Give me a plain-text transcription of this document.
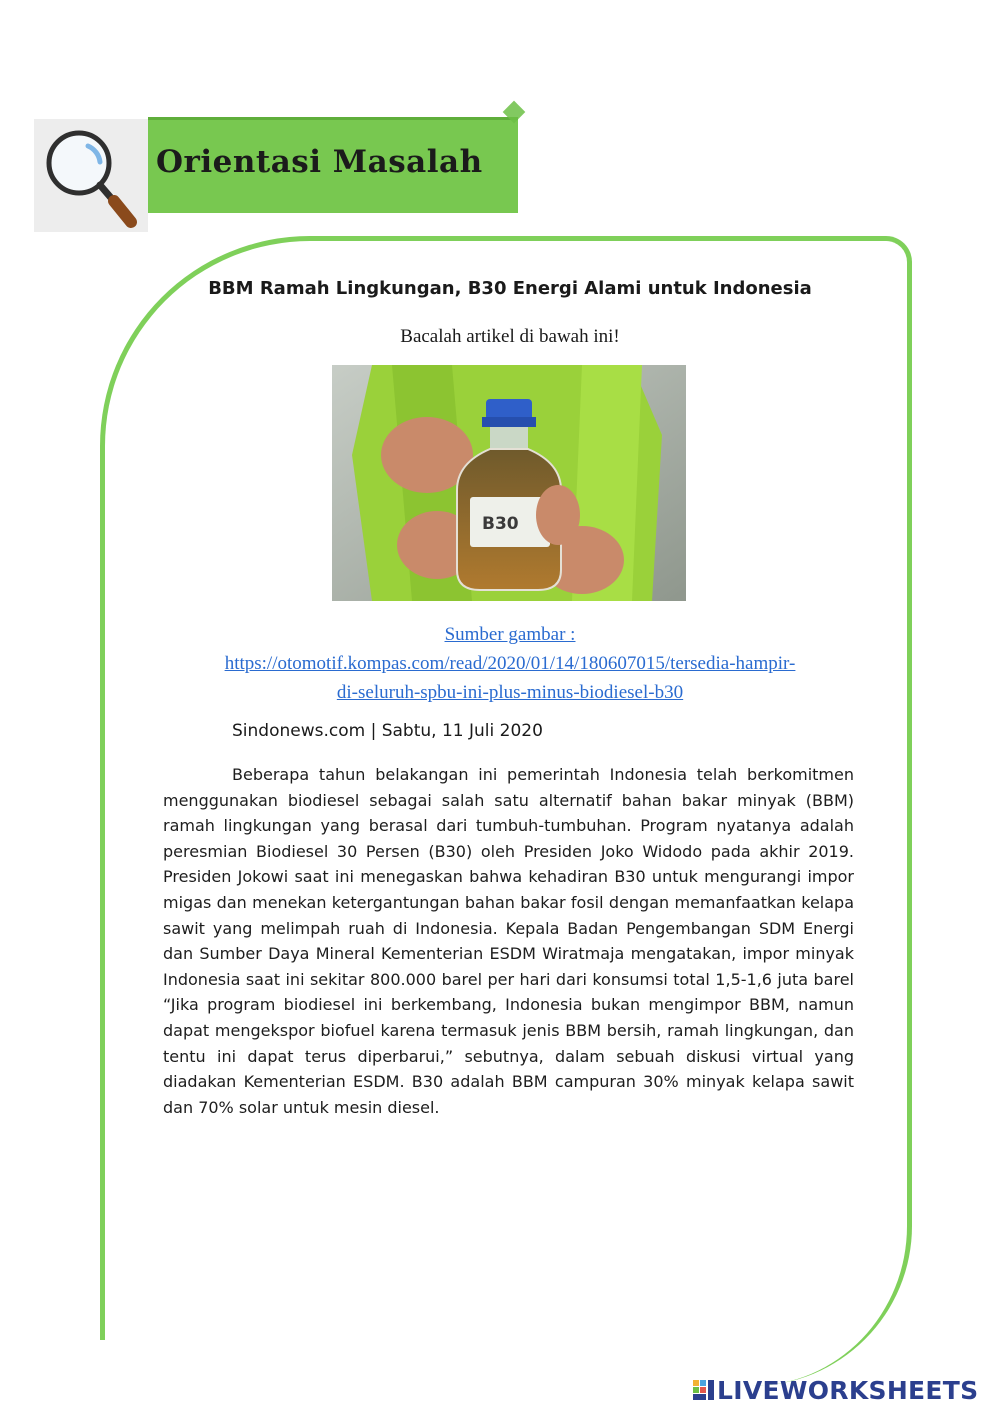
Orientasi Masalah
BBM Ramah Lingkungan, B30 Energi Alami untuk Indonesia
Bacalah artikel di bawah ini!
B30
Sumber gambar :
https://otomotif.kompas.com/read/2020/01/14/180607015/tersedia-hampir-
di-seluruh-spbu-ini-plus-minus-biodiesel-b30
Sindonews.com | Sabtu, 11 Juli 2020
Beberapa tahun belakangan ini pemerintah Indonesia telah berkomitmen menggunakan biodiesel sebagai salah satu alternatif bahan bakar minyak (BBM) ramah lingkungan yang berasal dari tumbuh-tumbuhan. Program nyatanya adalah peresmian Biodiesel 30 Persen (B30) oleh Presiden Joko Widodo pada akhir 2019. Presiden Jokowi saat ini menegaskan bahwa kehadiran B30 untuk mengurangi impor migas dan menekan ketergantungan bahan bakar fosil dengan memanfaatkan kelapa sawit yang melimpah ruah di Indonesia. Kepala Badan Pengembangan SDM Energi dan Sumber Daya Mineral Kementerian ESDM Wiratmaja mengatakan, impor minyak Indonesia saat ini sekitar 800.000 barel per hari dari konsumsi total 1,5-1,6 juta barel “Jika program biodiesel ini berkembang, Indonesia bukan mengimpor BBM, namun dapat mengekspor biofuel karena termasuk jenis BBM bersih, ramah lingkungan, dan tentu ini dapat terus diperbarui,” sebutnya, dalam sebuah diskusi virtual yang diadakan Kementerian ESDM. B30 adalah BBM campuran 30% minyak kelapa sawit dan 70% solar untuk mesin diesel.
LIVEWORKSHEETS
